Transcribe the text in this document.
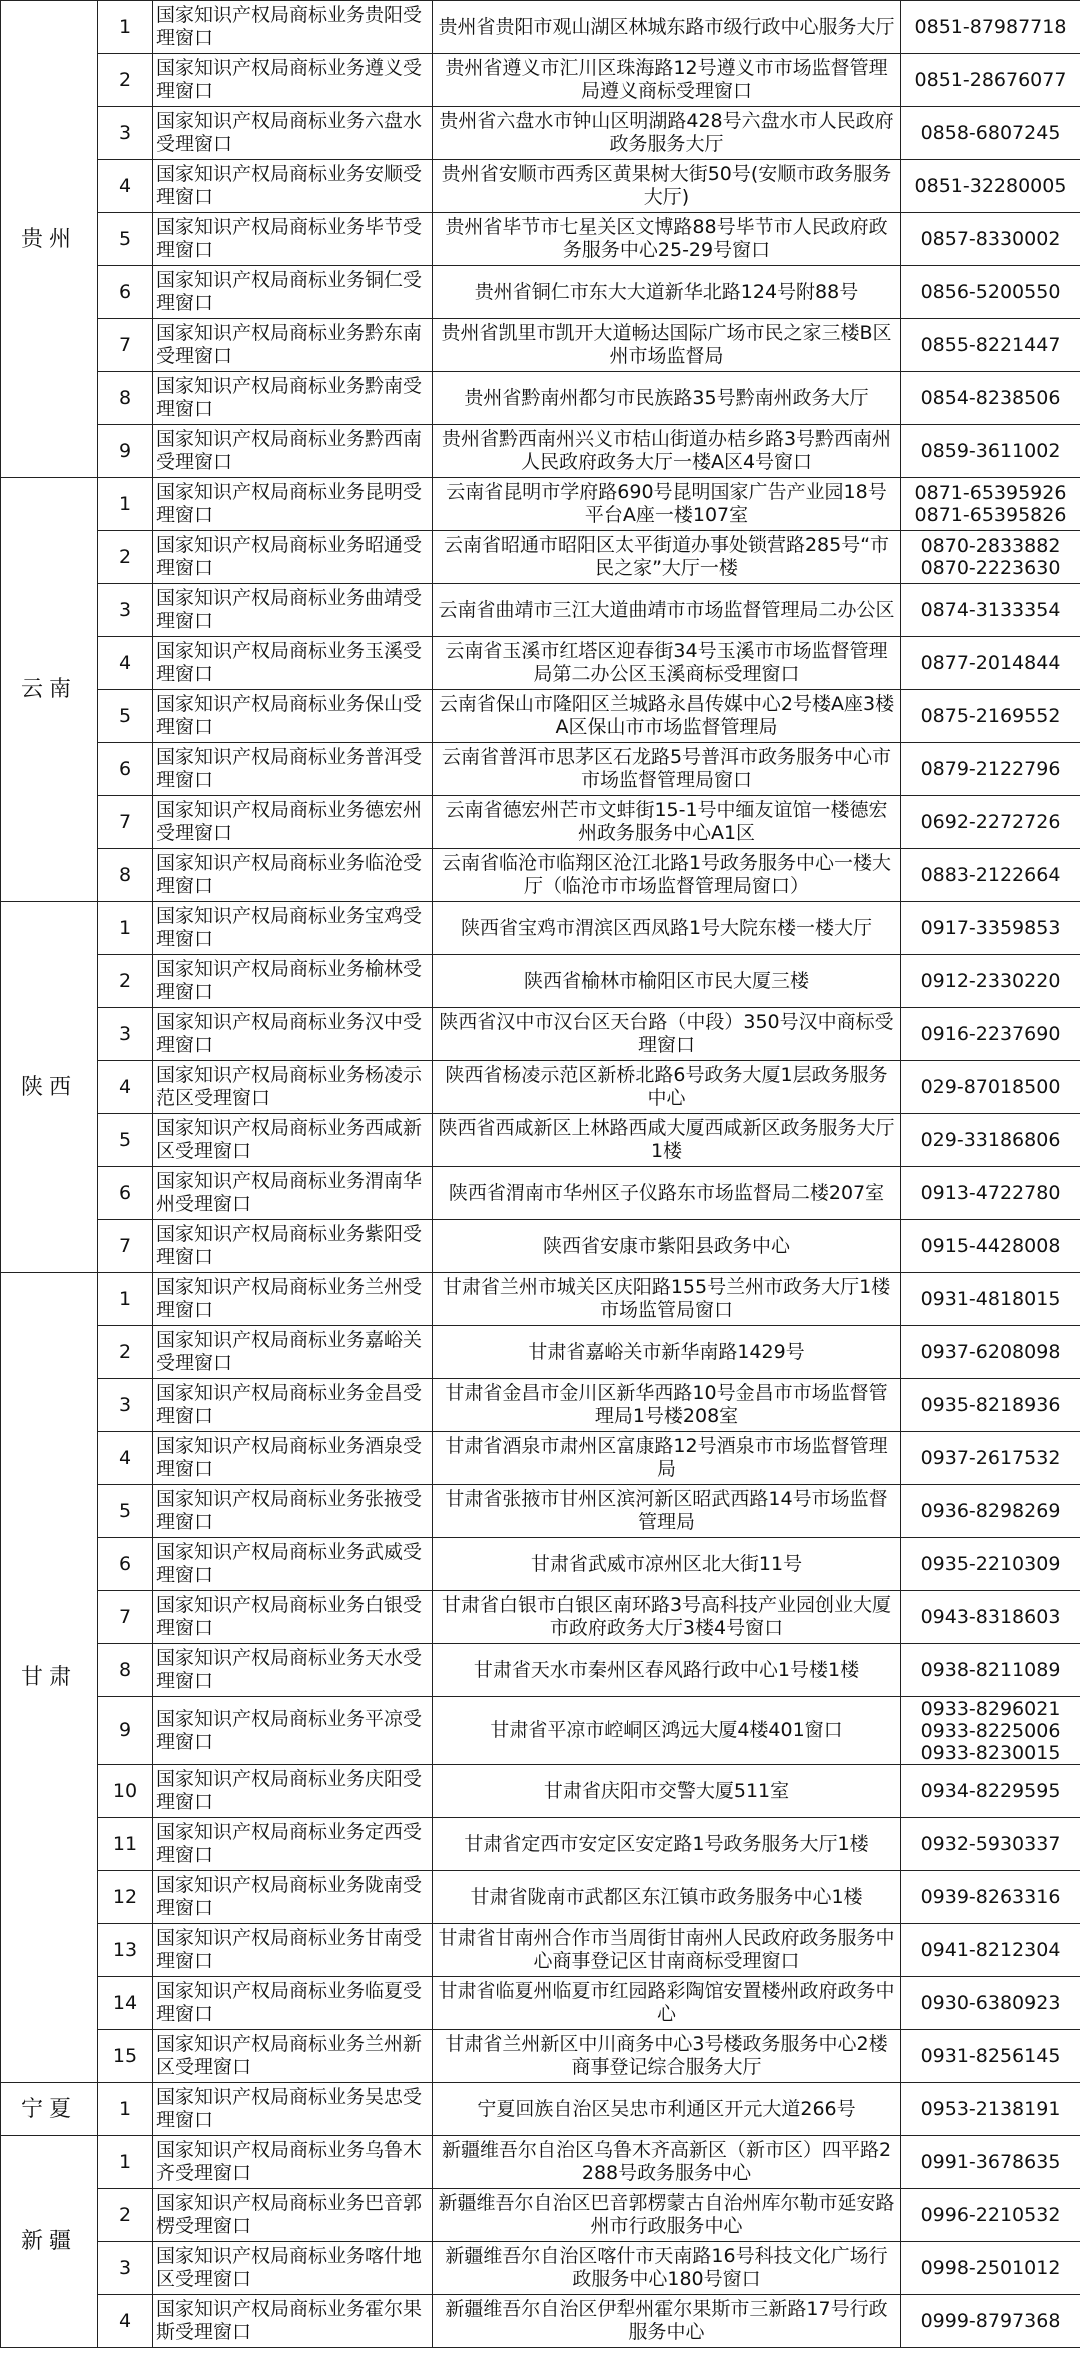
贵州	1	国家知识产权局商标业务贵阳受理窗口	贵州省贵阳市观山湖区林城东路市级行政中心服务大厅	0851-87987718
	2	国家知识产权局商标业务遵义受理窗口	贵州省遵义市汇川区珠海路12号遵义市市场监督管理局遵义商标受理窗口	0851-28676077
	3	国家知识产权局商标业务六盘水受理窗口	贵州省六盘水市钟山区明湖路428号六盘水市人民政府政务服务大厅	0858-6807245
	4	国家知识产权局商标业务安顺受理窗口	贵州省安顺市西秀区黄果树大街50号(安顺市政务服务大厅)	0851-32280005
	5	国家知识产权局商标业务毕节受理窗口	贵州省毕节市七星关区文博路88号毕节市人民政府政务服务中心25-29号窗口	0857-8330002
	6	国家知识产权局商标业务铜仁受理窗口	贵州省铜仁市东大大道新华北路124号附88号	0856-5200550
	7	国家知识产权局商标业务黔东南受理窗口	贵州省凯里市凯开大道畅达国际广场市民之家三楼B区州市场监督局	0855-8221447
	8	国家知识产权局商标业务黔南受理窗口	贵州省黔南州都匀市民族路35号黔南州政务大厅	0854-8238506
	9	国家知识产权局商标业务黔西南受理窗口	贵州省黔西南州兴义市桔山街道办桔乡路3号黔西南州人民政府政务大厅一楼A区4号窗口	0859-3611002
云南	1	国家知识产权局商标业务昆明受理窗口	云南省昆明市学府路690号昆明国家广告产业园18号平台A座一楼107室	0871-65395926
0871-65395826
	2	国家知识产权局商标业务昭通受理窗口	云南省昭通市昭阳区太平街道办事处锁营路285号“市民之家”大厅一楼	0870-2833882
0870-2223630
	3	国家知识产权局商标业务曲靖受理窗口	云南省曲靖市三江大道曲靖市市场监督管理局二办公区	0874-3133354
	4	国家知识产权局商标业务玉溪受理窗口	云南省玉溪市红塔区迎春街34号玉溪市市场监督管理局第二办公区玉溪商标受理窗口	0877-2014844
	5	国家知识产权局商标业务保山受理窗口	云南省保山市隆阳区兰城路永昌传媒中心2号楼A座3楼A区保山市市场监督管理局	0875-2169552
	6	国家知识产权局商标业务普洱受理窗口	云南省普洱市思茅区石龙路5号普洱市政务服务中心市市场监督管理局窗口	0879-2122796
	7	国家知识产权局商标业务德宏州受理窗口	云南省德宏州芒市文蚌街15-1号中缅友谊馆一楼德宏州政务服务中心A1区	0692-2272726
	8	国家知识产权局商标业务临沧受理窗口	云南省临沧市临翔区沧江北路1号政务服务中心一楼大厅（临沧市市场监督管理局窗口）	0883-2122664
陕西	1	国家知识产权局商标业务宝鸡受理窗口	陕西省宝鸡市渭滨区西凤路1号大院东楼一楼大厅	0917-3359853
	2	国家知识产权局商标业务榆林受理窗口	陕西省榆林市榆阳区市民大厦三楼	0912-2330220
	3	国家知识产权局商标业务汉中受理窗口	陕西省汉中市汉台区天台路（中段）350号汉中商标受理窗口	0916-2237690
	4	国家知识产权局商标业务杨凌示范区受理窗口	陕西省杨凌示范区新桥北路6号政务大厦1层政务服务中心	029-87018500
	5	国家知识产权局商标业务西咸新区受理窗口	陕西省西咸新区上林路西咸大厦西咸新区政务服务大厅1楼	029-33186806
	6	国家知识产权局商标业务渭南华州受理窗口	陕西省渭南市华州区子仪路东市场监督局二楼207室	0913-4722780
	7	国家知识产权局商标业务紫阳受理窗口	陕西省安康市紫阳县政务中心	0915-4428008
甘肃	1	国家知识产权局商标业务兰州受理窗口	甘肃省兰州市城关区庆阳路155号兰州市政务大厅1楼市场监管局窗口	0931-4818015
	2	国家知识产权局商标业务嘉峪关受理窗口	甘肃省嘉峪关市新华南路1429号	0937-6208098
	3	国家知识产权局商标业务金昌受理窗口	甘肃省金昌市金川区新华西路10号金昌市市场监督管理局1号楼208室	0935-8218936
	4	国家知识产权局商标业务酒泉受理窗口	甘肃省酒泉市肃州区富康路12号酒泉市市场监督管理局	0937-2617532
	5	国家知识产权局商标业务张掖受理窗口	甘肃省张掖市甘州区滨河新区昭武西路14号市场监督管理局	0936-8298269
	6	国家知识产权局商标业务武威受理窗口	甘肃省武威市凉州区北大街11号	0935-2210309
	7	国家知识产权局商标业务白银受理窗口	甘肃省白银市白银区南环路3号高科技产业园创业大厦市政府政务大厅3楼4号窗口	0943-8318603
	8	国家知识产权局商标业务天水受理窗口	甘肃省天水市秦州区春风路行政中心1号楼1楼	0938-8211089
	9	国家知识产权局商标业务平凉受理窗口	甘肃省平凉市崆峒区鸿远大厦4楼401窗口	0933-8296021
0933-8225006
0933-8230015
	10	国家知识产权局商标业务庆阳受理窗口	甘肃省庆阳市交警大厦511室	0934-8229595
	11	国家知识产权局商标业务定西受理窗口	甘肃省定西市安定区安定路1号政务服务大厅1楼	0932-5930337
	12	国家知识产权局商标业务陇南受理窗口	甘肃省陇南市武都区东江镇市政务服务中心1楼	0939-8263316
	13	国家知识产权局商标业务甘南受理窗口	甘肃省甘南州合作市当周街甘南州人民政府政务服务中心商事登记区甘南商标受理窗口	0941-8212304
	14	国家知识产权局商标业务临夏受理窗口	甘肃省临夏州临夏市红园路彩陶馆安置楼州政府政务中心	0930-6380923
	15	国家知识产权局商标业务兰州新区受理窗口	甘肃省兰州新区中川商务中心3号楼政务服务中心2楼商事登记综合服务大厅	0931-8256145
宁夏	1	国家知识产权局商标业务吴忠受理窗口	宁夏回族自治区吴忠市利通区开元大道266号	0953-2138191
新疆	1	国家知识产权局商标业务乌鲁木齐受理窗口	新疆维吾尔自治区乌鲁木齐高新区（新市区）四平路2288号政务服务中心	0991-3678635
	2	国家知识产权局商标业务巴音郭楞受理窗口	新疆维吾尔自治区巴音郭楞蒙古自治州库尔勒市延安路州市行政服务中心	0996-2210532
	3	国家知识产权局商标业务喀什地区受理窗口	新疆维吾尔自治区喀什市天南路16号科技文化广场行政服务中心180号窗口	0998-2501012
	4	国家知识产权局商标业务霍尔果斯受理窗口	新疆维吾尔自治区伊犁州霍尔果斯市三新路17号行政服务中心	0999-8797368
